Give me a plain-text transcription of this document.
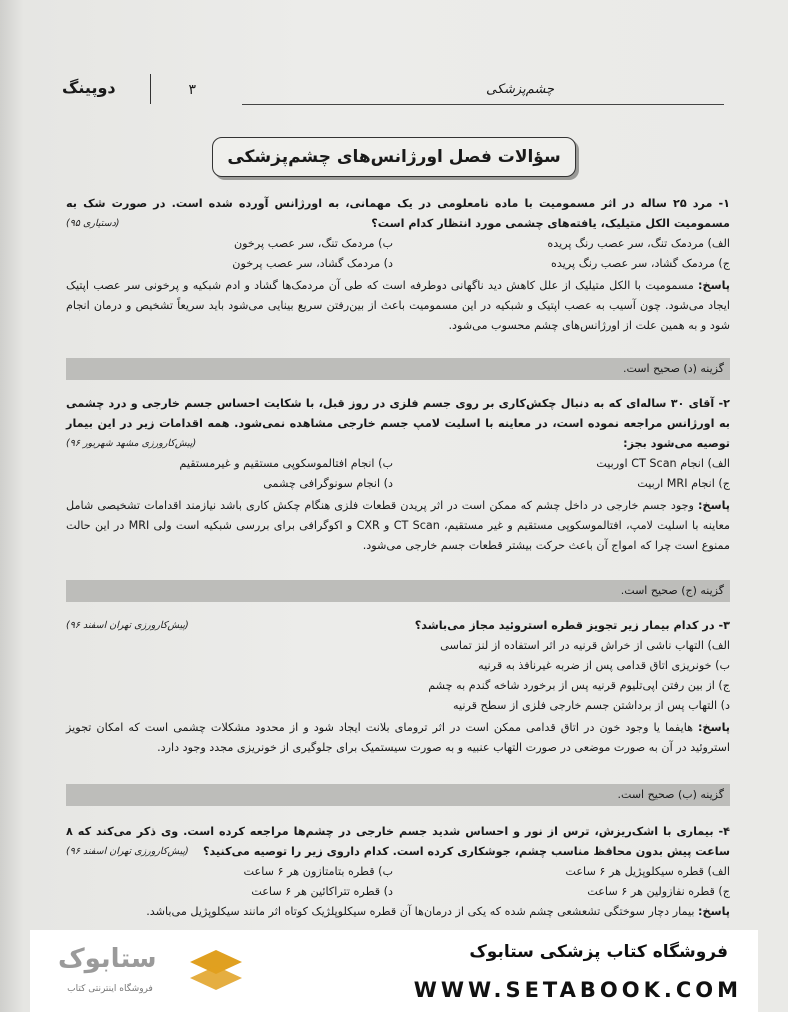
چشم‌پزشکی
۳
دوپینگ
سؤالات فصل اورژانس‌های چشم‌پزشکی
۱- مرد ۲۵ ساله در اثر مسمومیت با ماده نامعلومی در یک مهمانی، به اورژانس آورده شده است. در صورت شک به مسمومیت الکل متیلیک، یافته‌های چشمی مورد انتظار کدام است؟
(دستیاری ۹۵)
الف) مردمک تنگ، سر عصب رنگ پریده
ب) مردمک تنگ، سر عصب پرخون
ج) مردمک گشاد، سر عصب رنگ پریده
د) مردمک گشاد، سر عصب پرخون
پاسخ: مسمومیت با الکل متیلیک از علل کاهش دید ناگهانی دوطرفه است که طی آن مردمک‌ها گشاد و ادم شبکیه و پرخونی سر عصب اپتیک ایجاد می‌شود. چون آسیب به عصب اپتیک و شبکیه در این مسمومیت باعث از بین‌رفتن سریع بینایی می‌شود باید سریعاً تشخیص و درمان انجام شود و به همین علت از اورژانس‌های چشم محسوب می‌شود.
گزینه (د) صحیح است.
۲- آقای ۳۰ ساله‌ای که به دنبال چکش‌کاری بر روی جسم فلزی در روز قبل، با شکایت احساس جسم خارجی و درد چشمی به اورژانس مراجعه نموده است، در معاینه با اسلیت لامپ جسم خارجی مشاهده نمی‌شود. همه اقدامات زیر در این بیمار توصیه می‌شود بجز:
(پیش‌کارورزی مشهد شهریور ۹۶)
الف) انجام CT Scan اوربیت
ب) انجام افتالموسکوپی مستقیم و غیرمستقیم
ج) انجام MRI اربیت
د) انجام سونوگرافی چشمی
پاسخ: وجود جسم خارجی در داخل چشم که ممکن است در اثر پریدن قطعات فلزی هنگام چکش کاری باشد نیازمند اقدامات تشخیصی شامل معاینه با اسلیت لامپ، افتالموسکوپی مستقیم و غیر مستقیم، CT Scan و CXR و اکوگرافی برای بررسی شبکیه است ولی MRI در این حالت ممنوع است چرا که امواج آن باعث حرکت بیشتر قطعات جسم خارجی می‌شود.
گزینه (ج) صحیح است.
۳- در کدام بیمار زیر تجویز قطره استروئید مجاز می‌باشد؟
(پیش‌کارورزی تهران اسفند ۹۶)
الف) التهاب ناشی از خراش قرنیه در اثر استفاده از لنز تماسی
ب) خونریزی اتاق قدامی پس از ضربه غیرنافذ به قرنیه
ج) از بین رفتن اپی‌تلیوم قرنیه پس از برخورد شاخه گندم به چشم
د) التهاب پس از برداشتن جسم خارجی فلزی از سطح قرنیه
پاسخ: هایفما یا وجود خون در اتاق قدامی ممکن است در اثر ترومای بلانت ایجاد شود و از محدود مشکلات چشمی است که امکان تجویز استروئید در آن به صورت موضعی در صورت التهاب عنبیه و به صورت سیستمیک برای جلوگیری از خونریزی مجدد وجود دارد.
گزینه (ب) صحیح است.
۴- بیماری با اشک‌ریزش، ترس از نور و احساس شدید جسم خارجی در چشم‌ها مراجعه کرده است. وی ذکر می‌کند که ۸ ساعت پیش بدون محافظ مناسب چشم، جوشکاری کرده است. کدام داروی زیر را توصیه می‌کنید؟
(پیش‌کارورزی تهران اسفند ۹۶)
الف) قطره سیکلوپژیل هر ۶ ساعت
ب) قطره بتامتازون هر ۶ ساعت
ج) قطره نفازولین هر ۶ ساعت
د) قطره تتراکائین هر ۶ ساعت
پاسخ: بیمار دچار سوختگی تشعشعی چشم شده که یکی از درمان‌ها آن قطره سیکلوپلژیک کوتاه اثر مانند سیکلوپژیل می‌باشد.
ستابوک
فروشگاه اینترنتی کتاب
فروشگاه کتاب پزشکی ستابوک
WWW.SETABOOK.COM
